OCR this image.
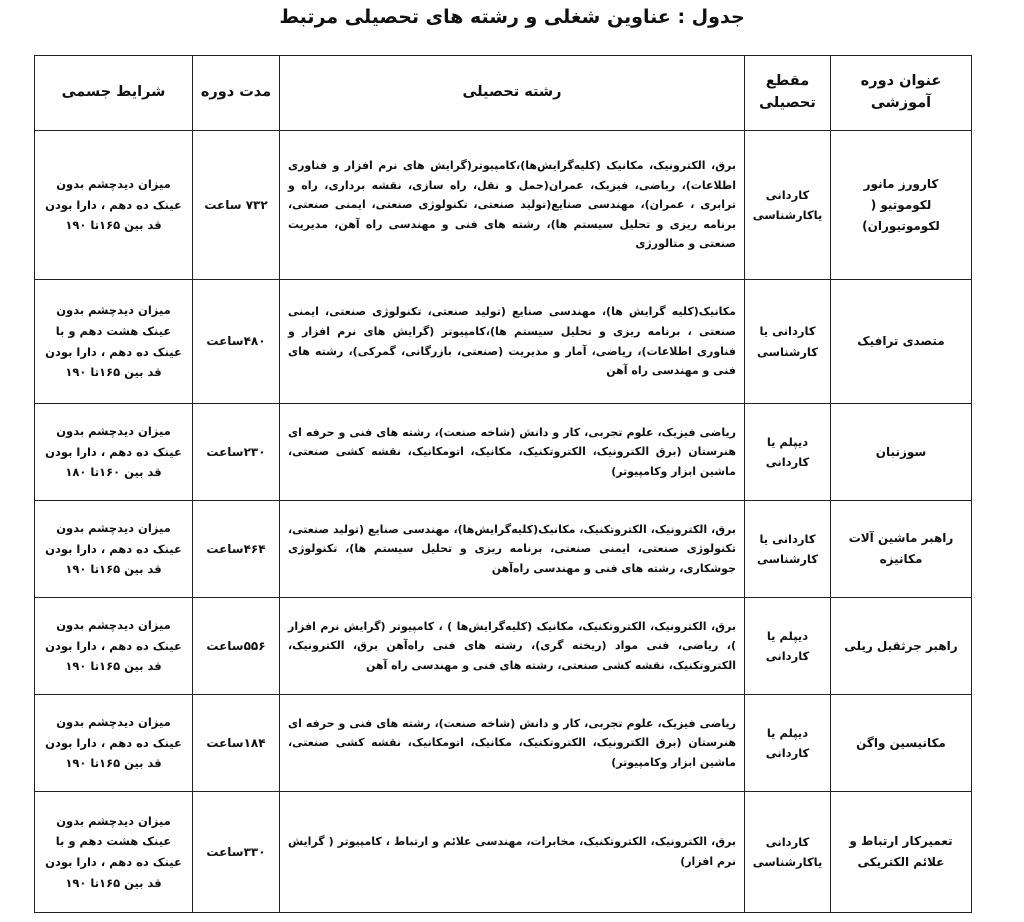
جدول : عناوین شغلی و رشته های تحصیلی مرتبط
عنوان دوره آموزشی	مقطع تحصیلی	رشته تحصیلی	مدت دوره	شرایط جسمی
کارورز مانور لکوموتیو ( لکوموتیوران)	کاردانی یاکارشناسی	برق، الکترونیک، مکانیک (کلیه‌گرایش‌ها)،کامپیوتر(گرایش های نرم افزار و فناوری اطلاعات)، ریاضی، فیزیک، عمران(حمل و نقل، راه سازی، نقشه برداری، راه و ترابری ، عمران)، مهندسی صنایع(تولید صنعتی، تکنولوژی صنعتی، ایمنی صنعتی، برنامه ریزی و تحلیل سیستم ها)، رشته های فنی و مهندسی راه آهن، مدیریت صنعتی و متالورژی	۷۳۲ ساعت	میزان دیدچشم بدون عینک ده دهم ، دارا بودن قد بین ۱۶۵تا ۱۹۰
متصدی ترافیک	کاردانی یا کارشناسی	مکانیک(کلیه گرایش ها)، مهندسی صنایع (تولید صنعتی، تکنولوژی صنعتی، ایمنی صنعتی ، برنامه ریزی و تحلیل سیستم ها)،کامپیوتر (گرایش های نرم افزار و فناوری اطلاعات)، ریاضی، آمار و مدیریت (صنعتی، بازرگانی، گمرکی)، رشته های فنی و مهندسی راه آهن	۴۸۰ساعت	میزان دیدچشم بدون عینک هشت دهم و با عینک ده دهم ، دارا بودن قد بین ۱۶۵تا ۱۹۰
سوزنبان	دیپلم یا کاردانی	ریاضی فیزیک، علوم تجربی، کار و دانش (شاخه صنعت)، رشته های فنی و حرفه ای هنرستان (برق الکترونیک، الکتروتکنیک، مکانیک، اتومکانیک، نقشه کشی صنعتی، ماشین ابزار وکامپیوتر)	۲۳۰ساعت	میزان دیدچشم بدون عینک ده دهم ، دارا بودن قد بین ۱۶۰تا ۱۸۰
راهبر ماشین آلات مکانیزه	کاردانی یا کارشناسی	برق، الکترونیک، الکتروتکنیک، مکانیک(کلیه‌گرایش‌ها)، مهندسی صنایع (تولید صنعتی، تکنولوژی صنعتی، ایمنی صنعتی، برنامه ریزی و تحلیل سیستم ها)، تکنولوژی جوشکاری، رشته های فنی و مهندسی راه‌آهن	۴۶۴ساعت	میزان دیدچشم بدون عینک ده دهم ، دارا بودن قد بین ۱۶۵تا ۱۹۰
راهبر جرثقیل ریلی	دیپلم یا کاردانی	برق، الکترونیک، الکتروتکنیک، مکانیک (کلیه‌گرایش‌ها ) ، کامپیوتر (گرایش نرم افزار )، ریاضی، فنی مواد (ریخته گری)، رشته های فنی راه‌آهن برق، الکترونیک، الکتروتکنیک، نقشه کشی صنعتی، رشته های فنی و مهندسی راه آهن	۵۵۶ساعت	میزان دیدچشم بدون عینک ده دهم ، دارا بودن قد بین ۱۶۵تا ۱۹۰
مکانیسین واگن	دیپلم یا کاردانی	ریاضی فیزیک، علوم تجربی، کار و دانش (شاخه صنعت)، رشته های فنی و حرفه ای هنرستان (برق الکترونیک، الکتروتکنیک، مکانیک، اتومکانیک، نقشه کشی صنعتی، ماشین ابزار وکامپیوتر)	۱۸۴ساعت	میزان دیدچشم بدون عینک ده دهم ، دارا بودن قد بین ۱۶۵تا ۱۹۰
تعمیرکار ارتباط و علائم الکتریکی	کاردانی یاکارشناسی	برق، الکترونیک، الکتروتکنیک، مخابرات، مهندسی علائم و ارتباط ، کامپیوتر ( گرایش نرم افزار)	۳۳۰ساعت	میزان دیدچشم بدون عینک هشت دهم و با عینک ده دهم ، دارا بودن قد بین ۱۶۵تا ۱۹۰
